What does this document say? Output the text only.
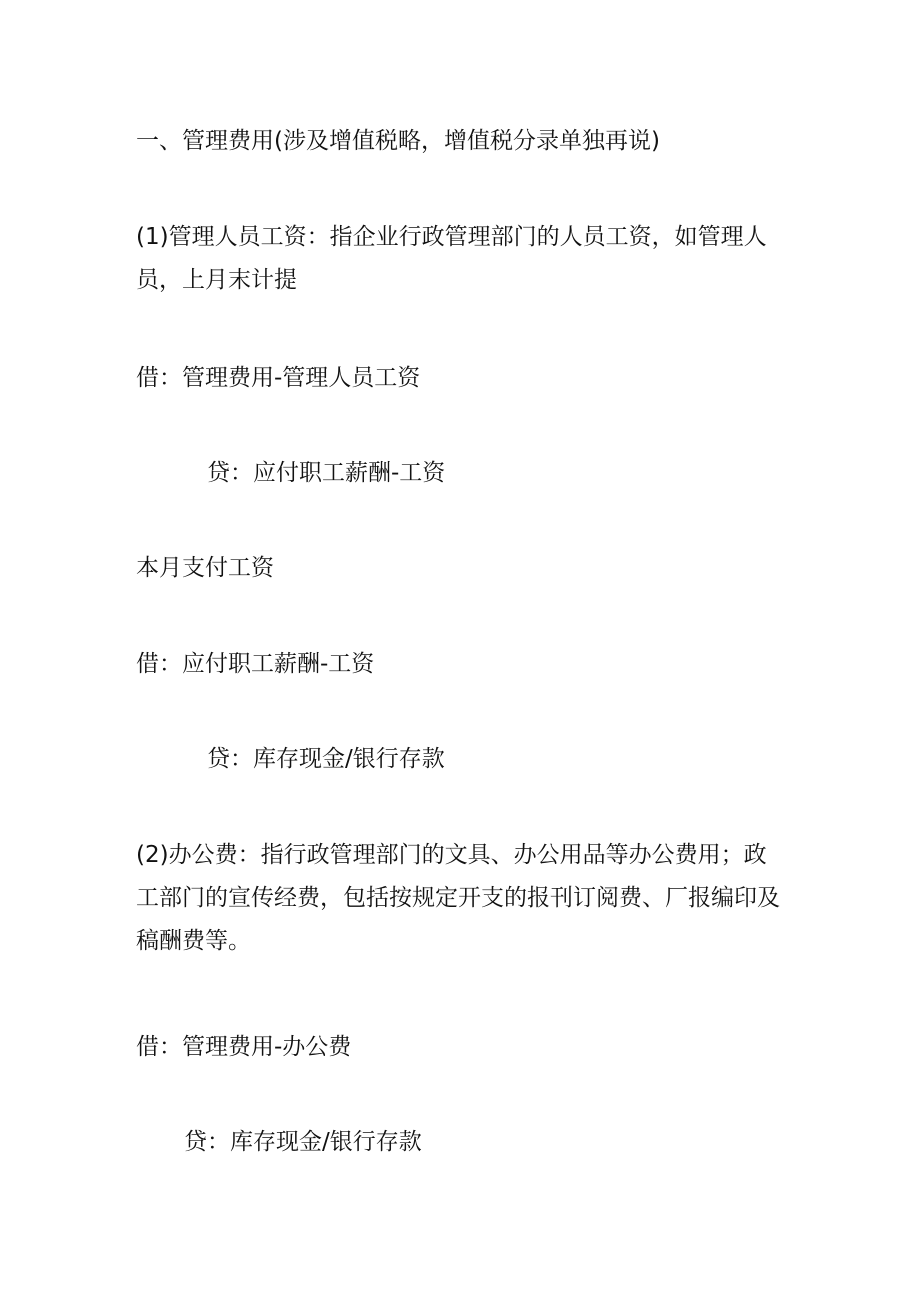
一、管理费用(涉及增值税略，增值税分录单独再说)

(1)管理人员工资：指企业行政管理部门的人员工资，如管理人
员，上月末计提

借：管理费用-管理人员工资

贷：应付职工薪酬-工资

本月支付工资

借：应付职工薪酬-工资

贷：库存现金/银行存款

(2)办公费：指行政管理部门的文具、办公用品等办公费用；政
工部门的宣传经费，包括按规定开支的报刊订阅费、厂报编印及
稿酬费等。

借：管理费用-办公费

贷：库存现金/银行存款
